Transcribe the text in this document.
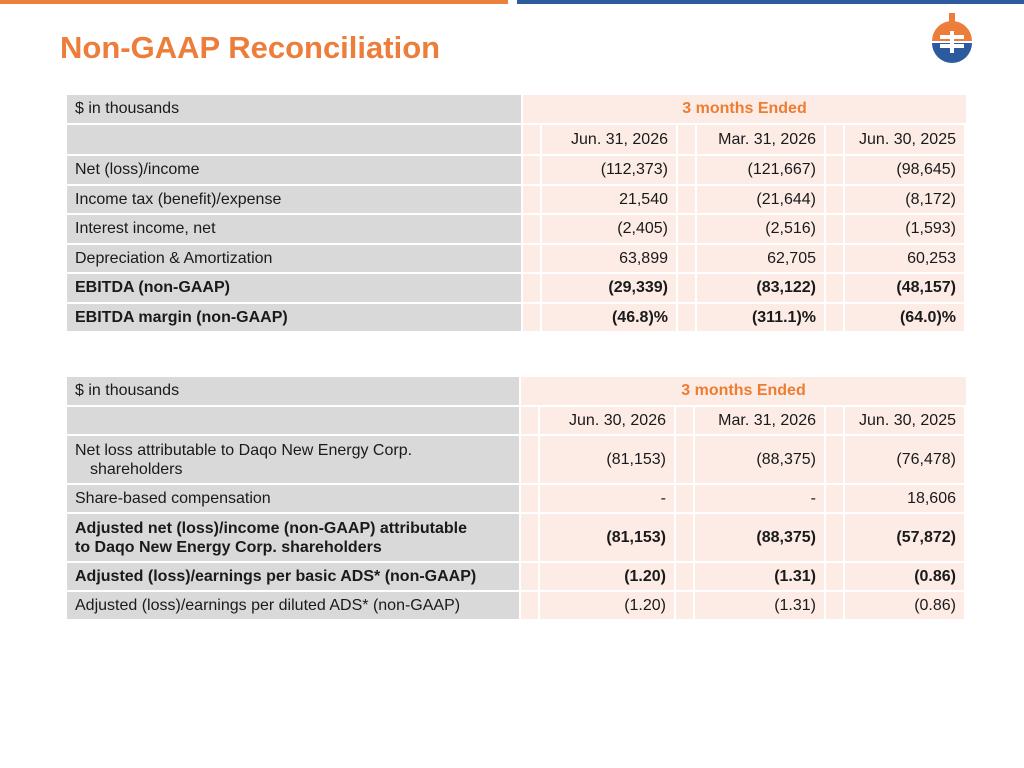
Non-GAAP Reconciliation
$ in thousands	3 months Ended					
		Jun. 31, 2026		Mar. 31, 2026		Jun. 30, 2025
Net (loss)/income		(112,373)		(121,667)		(98,645)
Income tax (benefit)/expense		21,540		(21,644)		(8,172)
Interest income, net		(2,405)		(2,516)		(1,593)
Depreciation & Amortization		63,899		62,705		60,253
EBITDA (non-GAAP)		(29,339)		(83,122)		(48,157)
EBITDA margin (non-GAAP)		(46.8)%		(311.1)%		(64.0)%
$ in thousands	3 months Ended					
		Jun. 30, 2026		Mar. 31, 2026		Jun. 30, 2025

Net loss attributable to Daqo New Energy Corp.
shareholders		(81,153)		(88,375)		(76,478)
Share-based compensation		-		-		18,606

Adjusted net (loss)/income (non-GAAP) attributable
to Daqo New Energy Corp. shareholders		(81,153)		(88,375)		(57,872)
Adjusted (loss)/earnings per basic ADS* (non-GAAP)		(1.20)		(1.31)		(0.86)
Adjusted (loss)/earnings per diluted ADS* (non-GAAP)		(1.20)		(1.31)		(0.86)
